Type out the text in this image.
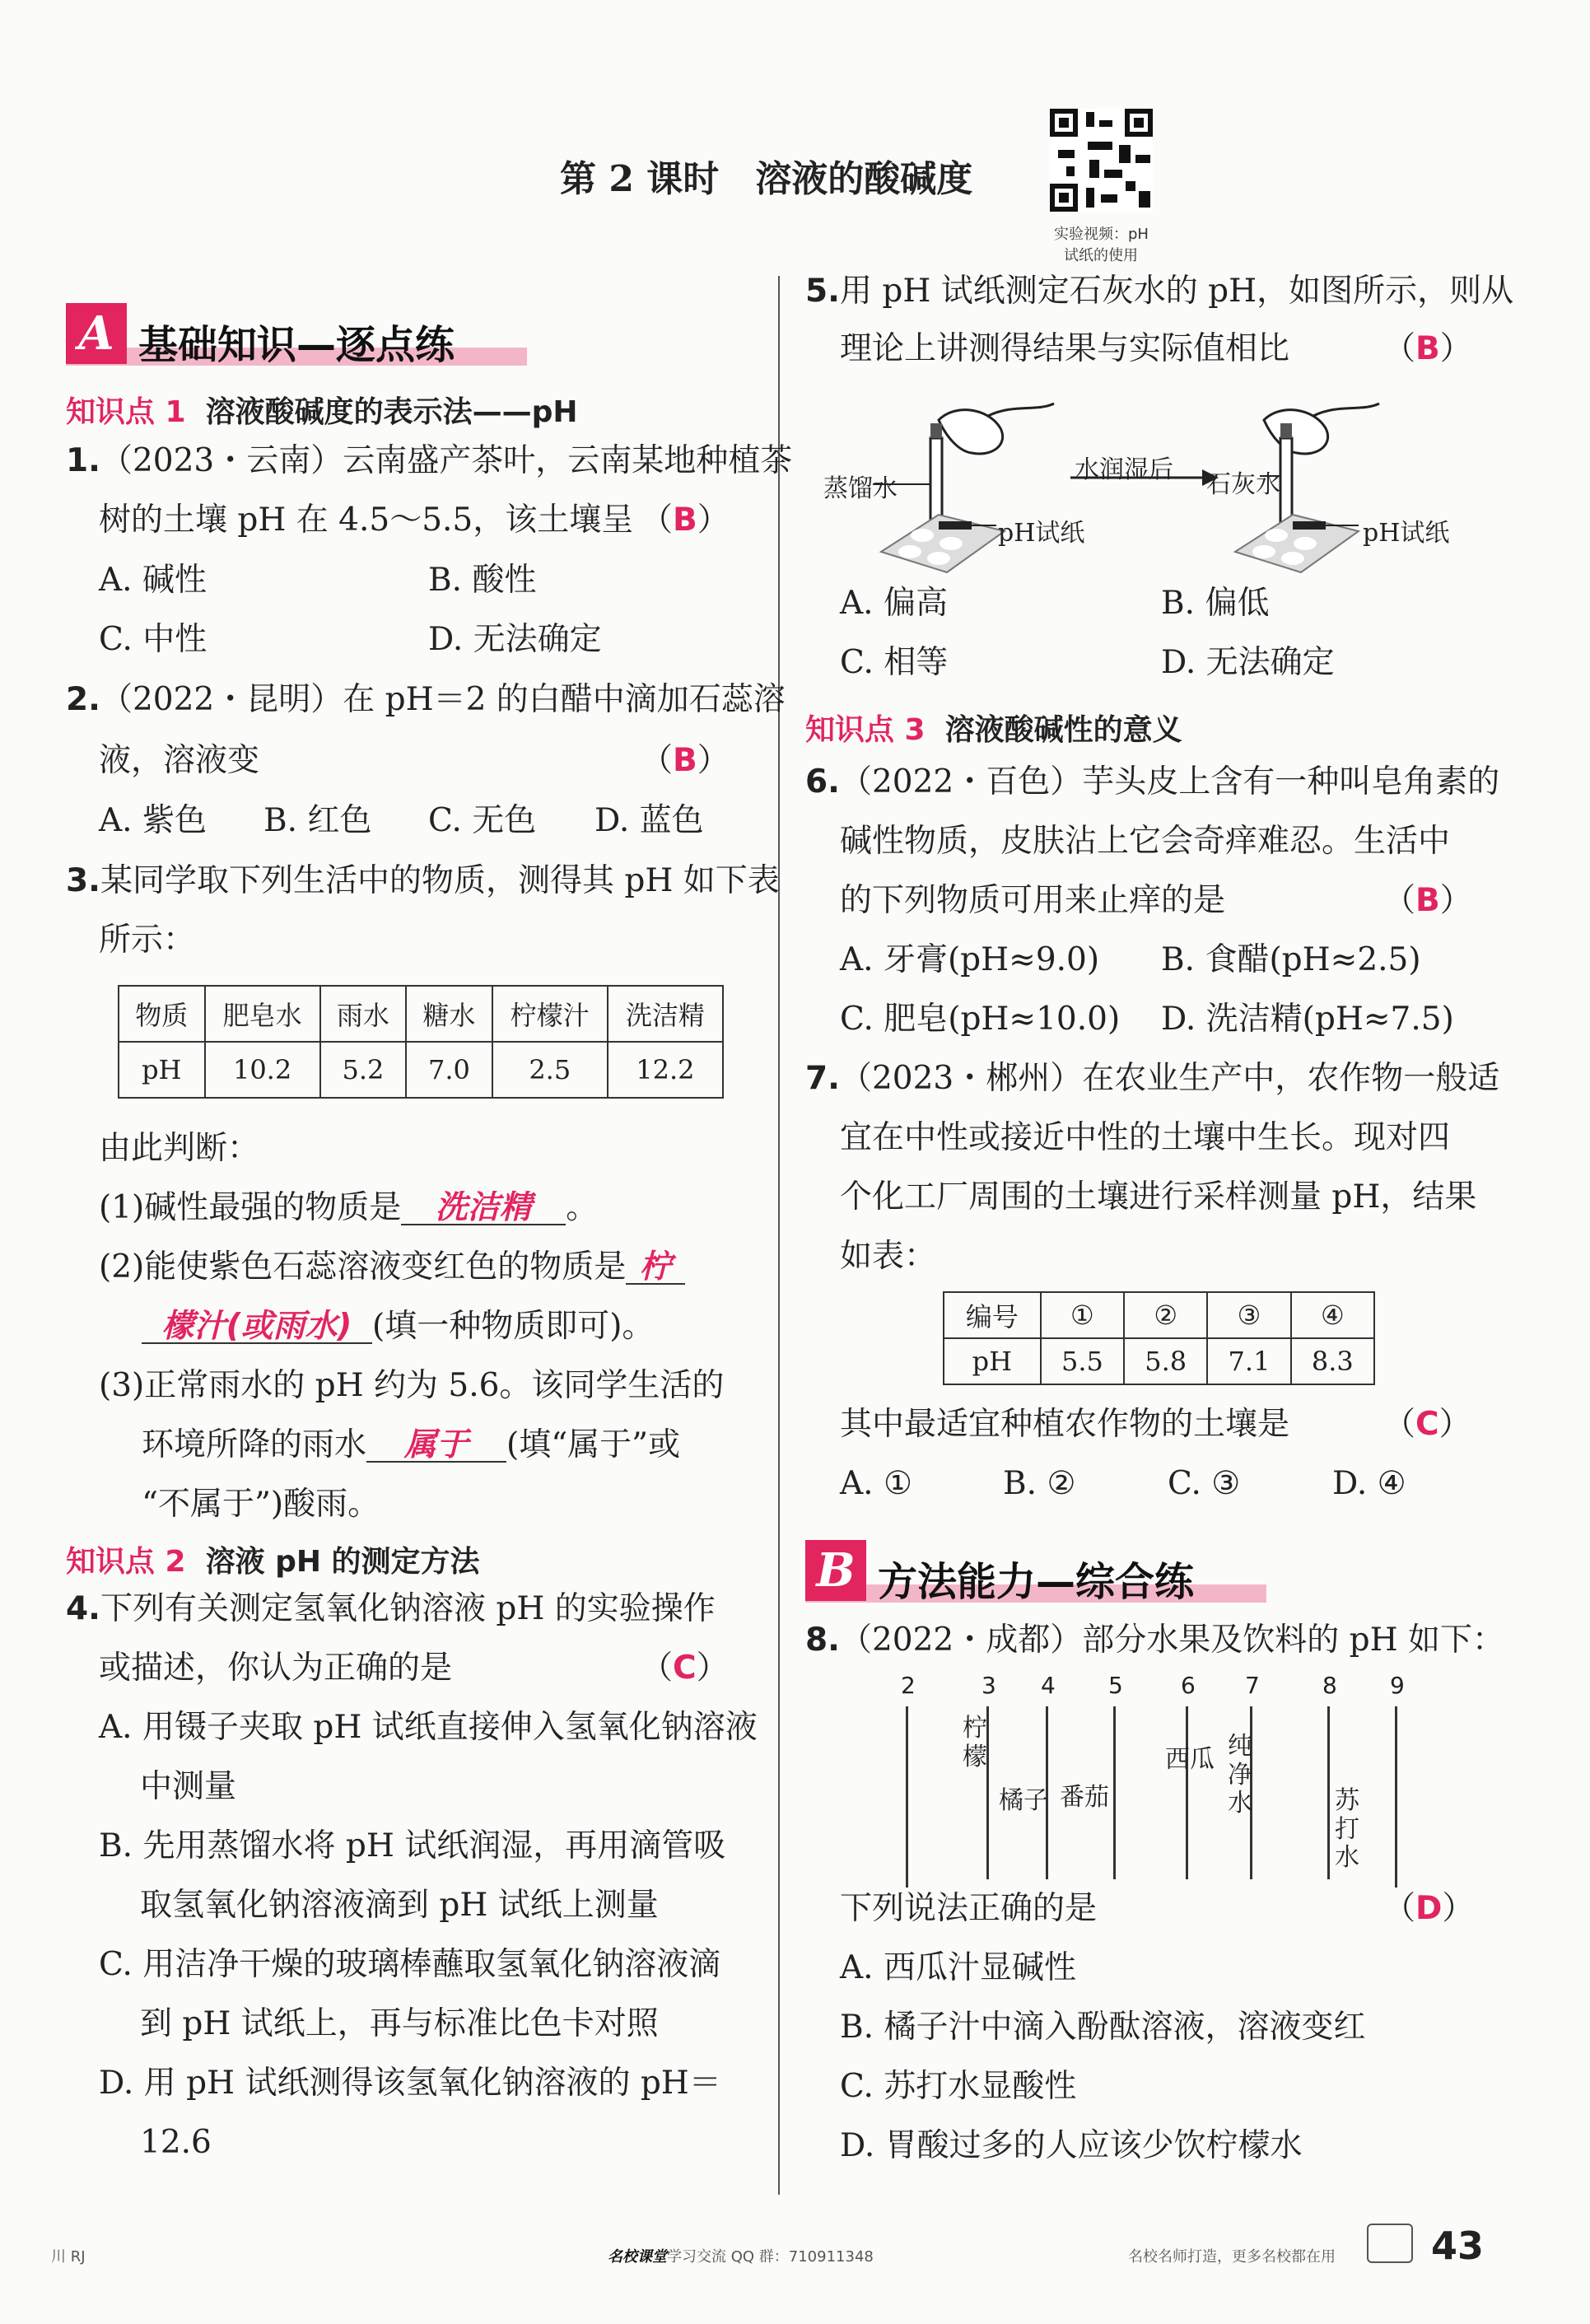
第 2 课时　溶液的酸碱度
实验视频：pH
试纸的使用
A 基础知识—逐点练
知识点 1 溶液酸碱度的表示法——pH
1.（2023・云南）云南盛产茶叶，云南某地种植茶
树的土壤 pH 在 4.5～5.5，该土壤呈 （B）
A. 碱性	B. 酸性
C. 中性	D. 无法确定
2.（2022・昆明）在 pH＝2 的白醋中滴加石蕊溶
液，溶液变	（B）
A. 紫色 B. 红色 C. 无色 D. 蓝色
3.某同学取下列生活中的物质，测得其 pH 如下表
所示：
物质	肥皂水	雨水	糖水	柠檬汁	洗洁精
pH	10.2	5.2	7.0	2.5	12.2
由此判断：
(1)碱性最强的物质是 洗洁精 。
(2)能使紫色石蕊溶液变红色的物质是 柠
檬汁(或雨水) (填一种物质即可)。
(3)正常雨水的 pH 约为 5.6。该同学生活的
环境所降的雨水 属于 (填“属于”或
“不属于”)酸雨。
知识点 2 溶液 pH 的测定方法
4.下列有关测定氢氧化钠溶液 pH 的实验操作
或描述，你认为正确的是	（C）
A. 用镊子夹取 pH 试纸直接伸入氢氧化钠溶液
中测量
B. 先用蒸馏水将 pH 试纸润湿，再用滴管吸
取氢氧化钠溶液滴到 pH 试纸上测量
C. 用洁净干燥的玻璃棒蘸取氢氧化钠溶液滴
到 pH 试纸上，再与标准比色卡对照
D. 用 pH 试纸测得该氢氧化钠溶液的 pH＝
12.6
5.用 pH 试纸测定石灰水的 pH，如图所示，则从
理论上讲测得结果与实际值相比	（B）
蒸馏水
pH试纸
水润湿后
石灰水
pH试纸
A. 偏高	B. 偏低
C. 相等	D. 无法确定
知识点 3 溶液酸碱性的意义
6.（2022・百色）芋头皮上含有一种叫皂角素的
碱性物质，皮肤沾上它会奇痒难忍。生活中
的下列物质可用来止痒的是	（B）
A. 牙膏(pH≈9.0) B. 食醋(pH≈2.5)
C. 肥皂(pH≈10.0) D. 洗洁精(pH≈7.5)
7.（2023・郴州）在农业生产中，农作物一般适
宜在中性或接近中性的土壤中生长。现对四
个化工厂周围的土壤进行采样测量 pH，结果
如表：
编号	①	②	③	④
pH	5.5	5.8	7.1	8.3
其中最适宜种植农作物的土壤是	（C）
A. ①	B. ②	C. ③	D. ④
B 方法能力—综合练
8.（2022・成都）部分水果及饮料的 pH 如下：
2	3 4 5	6 7	8 9
柠檬
橘子 番茄
西瓜 纯净水	苏打水
下列说法正确的是	（D）
A. 西瓜汁显碱性
B. 橘子汁中滴入酚酞溶液，溶液变红
C. 苏打水显酸性
D. 胃酸过多的人应该少饮柠檬水
川 RJ	名校课堂学习交流 QQ 群：710911348	名校名师打造，更多名校都在用	43
